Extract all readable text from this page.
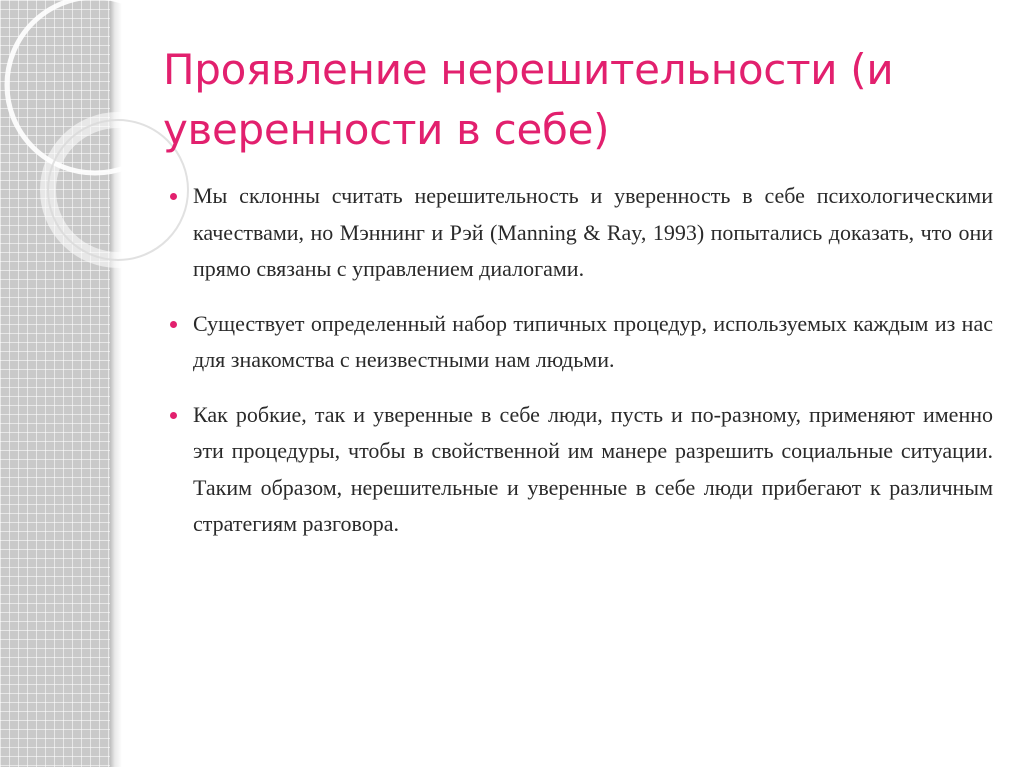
Проявление нерешительности (и уверенности в себе)
Мы склонны считать нерешительность и уверенность в себе психологическими качествами, но Мэннинг и Рэй (Manning & Ray, 1993) попытались доказать, что они прямо связаны с управлением диалогами.
Существует определенный набор типичных процедур, используемых каждым из нас для знакомства с неизвестными нам людьми.
Как робкие, так и уверенные в себе люди, пусть и по-разному, применяют именно эти процедуры, чтобы в свойственной им манере разрешить социальные ситуации. Таким образом, нерешительные и уверенные в себе люди прибегают к различным стратегиям разговора.
